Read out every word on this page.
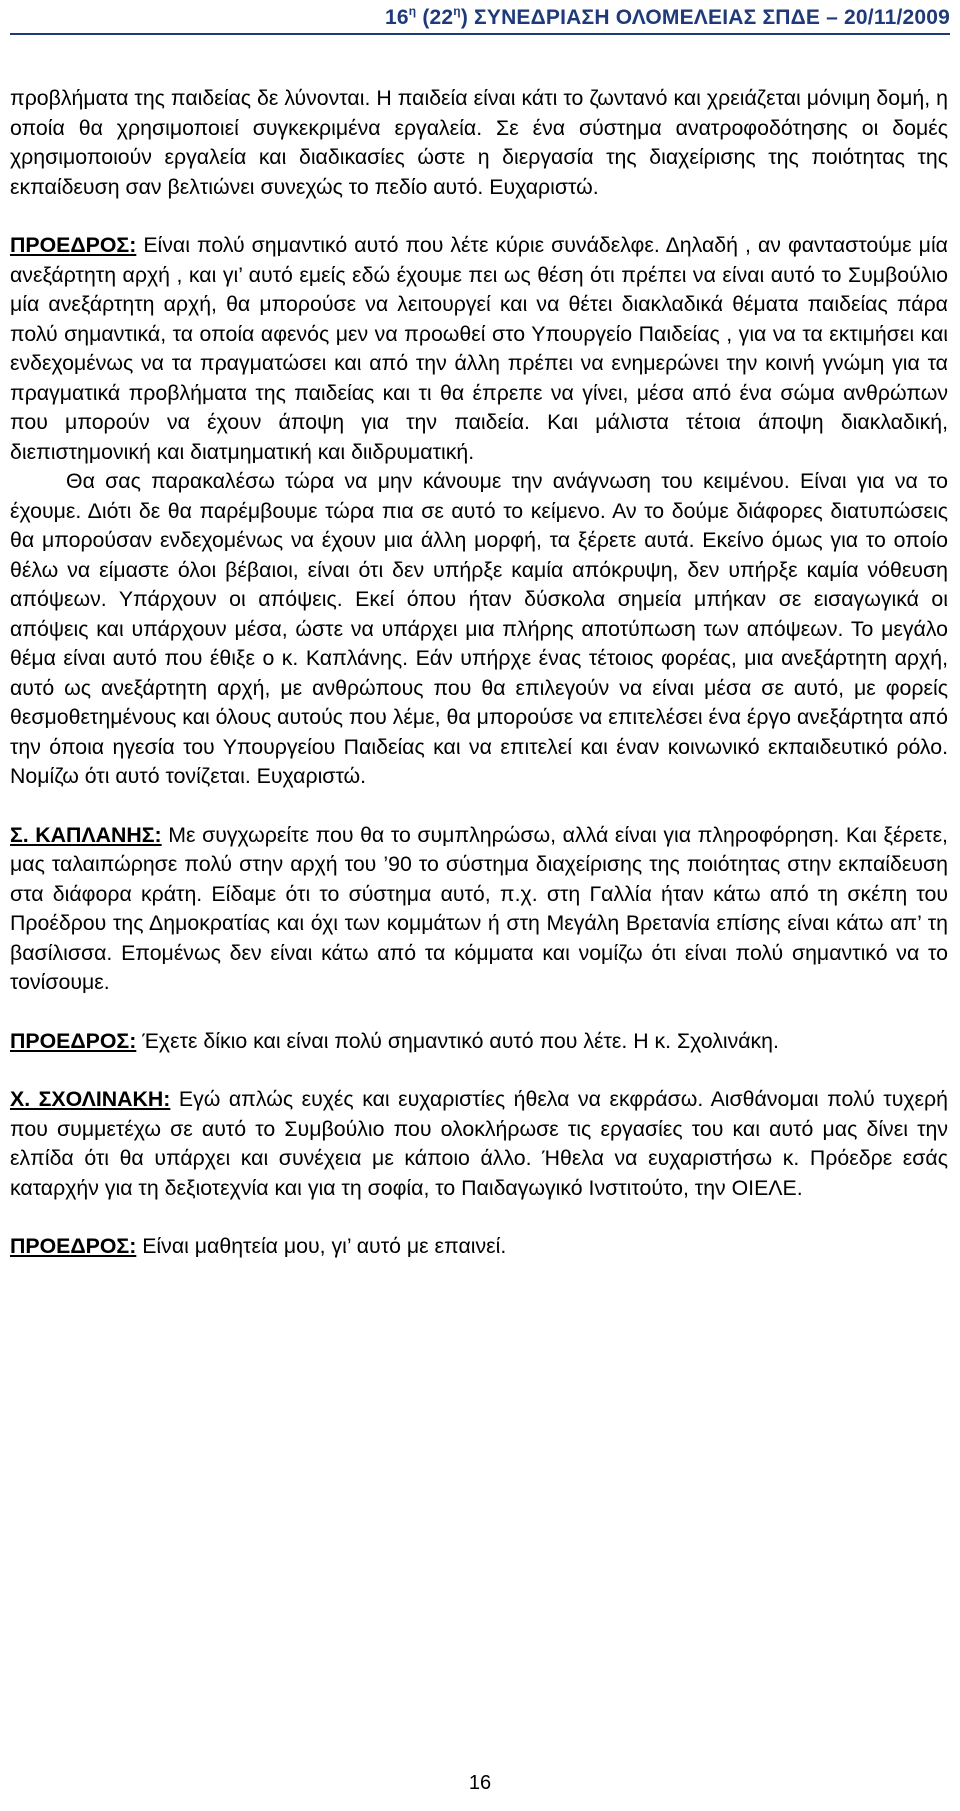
$16^\eta$ $(22^\eta)$ ΣΥΝΕΔΡΙΑΣΗ ΟΛΟΜΕΛΕΙΑΣ ΣΠΔΕ – 20/11/2009

προβλήματα της παιδείας δε λύνονται. Η παιδεία είναι κάτι το ζωντανό και χρειάζεται μόνιμη δομή, η οποία θα χρησιμοποιεί συγκεκριμένα εργαλεία. Σε ένα σύστημα ανατροφοδότησης οι δομές χρησιμοποιούν εργαλεία και διαδικασίες ώστε η διεργασία της διαχείρισης της ποιότητας της εκπαίδευση σαν βελτιώνει συνεχώς το πεδίο αυτό. Ευχαριστώ.

ΠΡΟΕΔΡΟΣ: Είναι πολύ σημαντικό αυτό που λέτε κύριε συνάδελφε. Δηλαδή , αν φανταστούμε μία ανεξάρτητη αρχή , και γι’ αυτό εμείς εδώ έχουμε πει ως θέση ότι πρέπει να είναι αυτό το Συμβούλιο μία ανεξάρτητη αρχή, θα μπορούσε να λειτουργεί και να θέτει διακλαδικά θέματα παιδείας πάρα πολύ σημαντικά, τα οποία αφενός μεν να προωθεί στο Υπουργείο Παιδείας , για να τα εκτιμήσει και ενδεχομένως να τα πραγματώσει και από την άλλη πρέπει να ενημερώνει την κοινή γνώμη για τα πραγματικά προβλήματα της παιδείας και τι θα έπρεπε να γίνει, μέσα από ένα σώμα ανθρώπων που μπορούν να έχουν άποψη για την παιδεία. Και μάλιστα τέτοια άποψη διακλαδική, διεπιστημονική και διατμηματική και διιδρυματική.

Θα σας παρακαλέσω τώρα να μην κάνουμε την ανάγνωση του κειμένου. Είναι για να το έχουμε. Διότι δε θα παρέμβουμε τώρα πια σε αυτό το κείμενο. Αν το δούμε διάφορες διατυπώσεις θα μπορούσαν ενδεχομένως να έχουν μια άλλη μορφή, τα ξέρετε αυτά. Εκείνο όμως για το οποίο θέλω να είμαστε όλοι βέβαιοι, είναι ότι δεν υπήρξε καμία απόκρυψη, δεν υπήρξε καμία νόθευση απόψεων. Υπάρχουν οι απόψεις. Εκεί όπου ήταν δύσκολα σημεία μπήκαν σε εισαγωγικά οι απόψεις και υπάρχουν μέσα, ώστε να υπάρχει μια πλήρης αποτύπωση των απόψεων. Το μεγάλο θέμα είναι αυτό που έθιξε ο κ. Καπλάνης. Εάν υπήρχε ένας τέτοιος φορέας, μια ανεξάρτητη αρχή, αυτό ως ανεξάρτητη αρχή, με ανθρώπους που θα επιλεγούν να είναι μέσα σε αυτό, με φορείς θεσμοθετημένους και όλους αυτούς που λέμε, θα μπορούσε να επιτελέσει ένα έργο ανεξάρτητα από την όποια ηγεσία του Υπουργείου Παιδείας και να επιτελεί και έναν κοινωνικό εκπαιδευτικό ρόλο. Νομίζω ότι αυτό τονίζεται. Ευχαριστώ.

Σ. ΚΑΠΛΑΝΗΣ: Με συγχωρείτε που θα το συμπληρώσω, αλλά είναι για πληροφόρηση. Και ξέρετε, μας ταλαιπώρησε πολύ στην αρχή του ’90 το σύστημα διαχείρισης της ποιότητας στην εκπαίδευση στα διάφορα κράτη. Είδαμε ότι το σύστημα αυτό, π.χ. στη Γαλλία ήταν κάτω από τη σκέπη του Προέδρου της Δημοκρατίας και όχι των κομμάτων ή στη Μεγάλη Βρετανία επίσης είναι κάτω απ’ τη βασίλισσα. Επομένως δεν είναι κάτω από τα κόμματα και νομίζω ότι είναι πολύ σημαντικό να το τονίσουμε.

ΠΡΟΕΔΡΟΣ: Έχετε δίκιο και είναι πολύ σημαντικό αυτό που λέτε. Η κ. Σχολινάκη.

Χ. ΣΧΟΛΙΝΑΚΗ: Εγώ απλώς ευχές και ευχαριστίες ήθελα να εκφράσω. Αισθάνομαι πολύ τυχερή που συμμετέχω σε αυτό το Συμβούλιο που ολοκλήρωσε τις εργασίες του και αυτό μας δίνει την ελπίδα ότι θα υπάρχει και συνέχεια με κάποιο άλλο. Ήθελα να ευχαριστήσω κ. Πρόεδρε εσάς καταρχήν για τη δεξιοτεχνία και για τη σοφία, το Παιδαγωγικό Ινστιτούτο, την ΟΙΕΛΕ.

ΠΡΟΕΔΡΟΣ: Είναι μαθητεία μου, γι’ αυτό με επαινεί.

16
